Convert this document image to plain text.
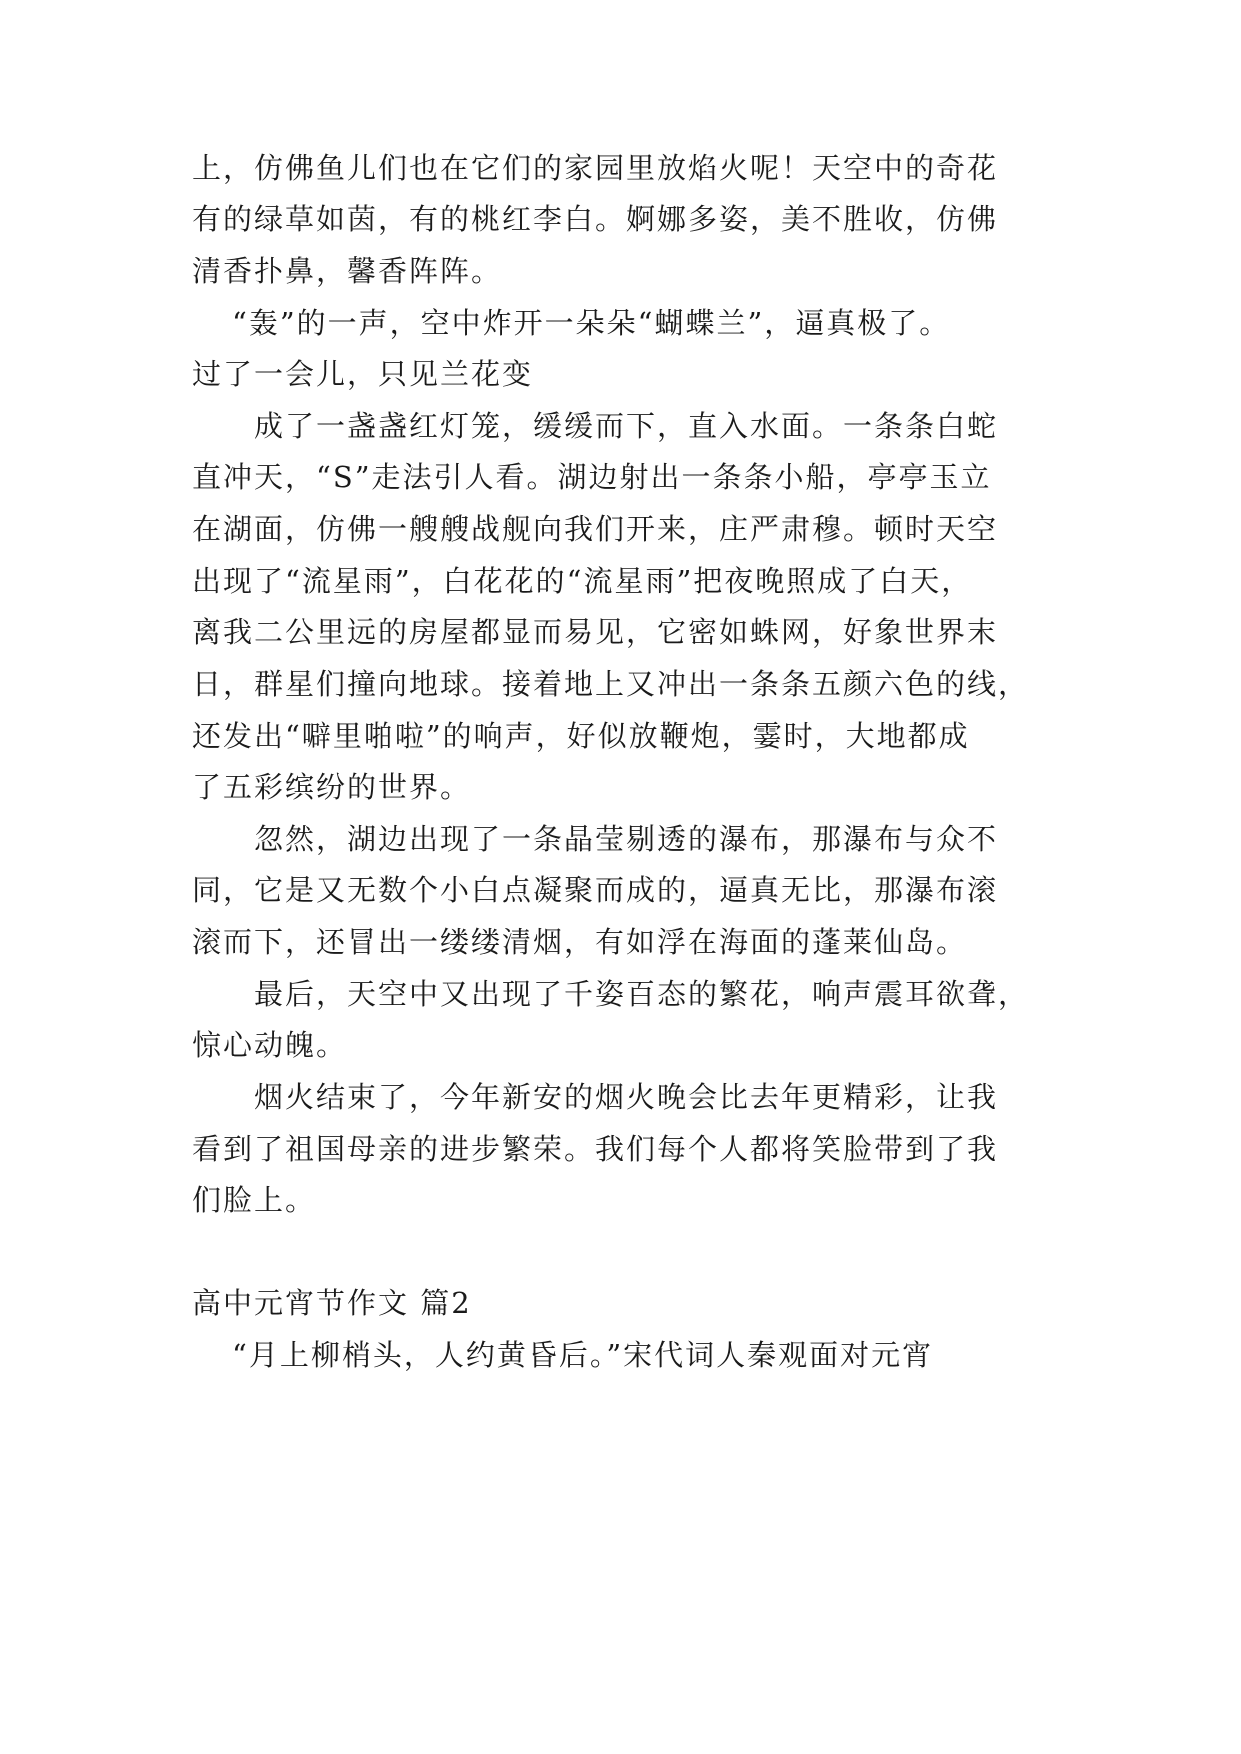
上，仿佛鱼儿们也在它们的家园里放焰火呢！天空中的奇花
有的绿草如茵，有的桃红李白。婀娜多姿，美不胜收，仿佛
清香扑鼻，馨香阵阵。
“轰”的一声，空中炸开一朵朵“蝴蝶兰”，逼真极了。
过了一会儿，只见兰花变
成了一盏盏红灯笼，缓缓而下，直入水面。一条条白蛇
直冲天，“S”走法引人看。湖边射出一条条小船，亭亭玉立
在湖面，仿佛一艘艘战舰向我们开来，庄严肃穆。顿时天空
出现了“流星雨”，白花花的“流星雨”把夜晚照成了白天，
离我二公里远的房屋都显而易见，它密如蛛网，好象世界末
日，群星们撞向地球。接着地上又冲出一条条五颜六色的线，
还发出“噼里啪啦”的响声，好似放鞭炮，霎时，大地都成
了五彩缤纷的世界。
忽然，湖边出现了一条晶莹剔透的瀑布，那瀑布与众不
同，它是又无数个小白点凝聚而成的，逼真无比，那瀑布滚
滚而下，还冒出一缕缕清烟，有如浮在海面的蓬莱仙岛。
最后，天空中又出现了千姿百态的繁花，响声震耳欲聋，
惊心动魄。
烟火结束了，今年新安的烟火晚会比去年更精彩，让我
看到了祖国母亲的进步繁荣。我们每个人都将笑脸带到了我
们脸上。
高中元宵节作文 篇2
“月上柳梢头，人约黄昏后。”宋代词人秦观面对元宵
